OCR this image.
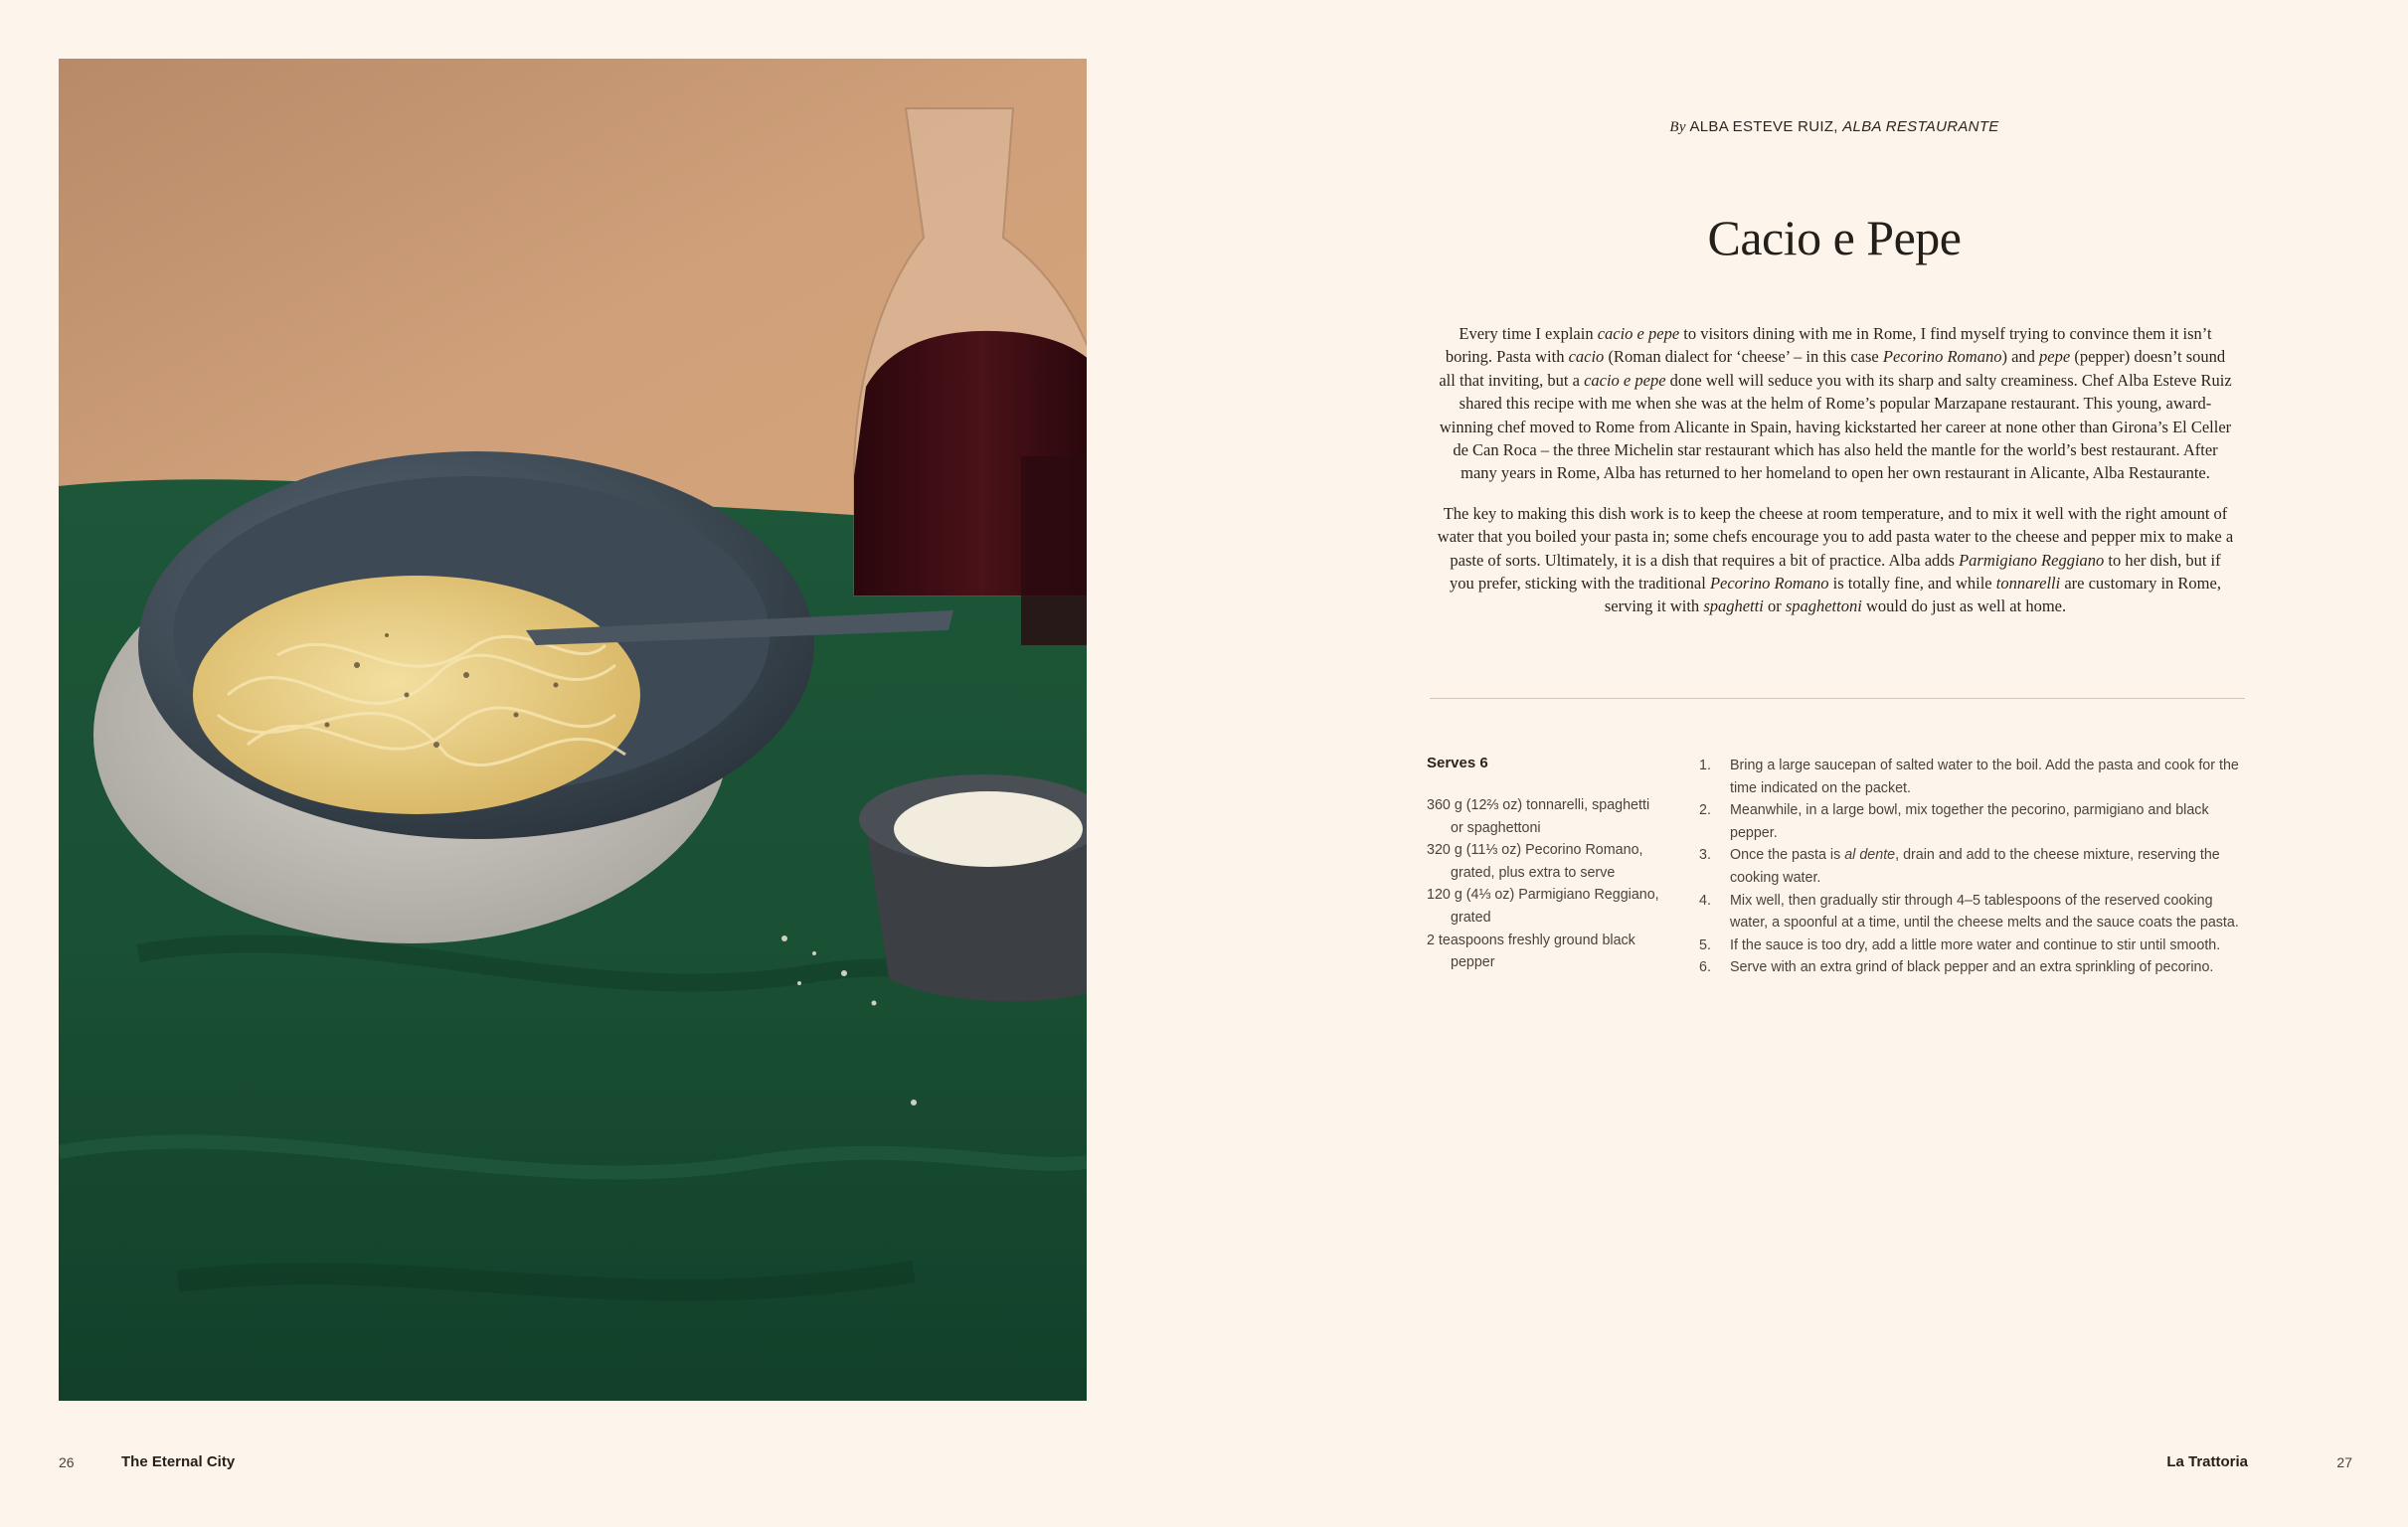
By ALBA ESTEVE RUIZ, ALBA RESTAURANTE
Cacio e Pepe

Every time I explain cacio e pepe to visitors dining with me in Rome, I find myself trying to convince them it isn’t boring. Pasta with cacio (Roman dialect for ‘cheese’ – in this case Pecorino Romano) and pepe (pepper) doesn’t sound all that inviting, but a cacio e pepe done well will seduce you with its sharp and salty creaminess. Chef Alba Esteve Ruiz shared this recipe with me when she was at the helm of Rome’s popular Marzapane restaurant. This young, award-winning chef moved to Rome from Alicante in Spain, having kickstarted her career at none other than Girona’s El Celler de Can Roca – the three Michelin star restaurant which has also held the mantle for the world’s best restaurant. After many years in Rome, Alba has returned to her homeland to open her own restaurant in Alicante, Alba Restaurante.

The key to making this dish work is to keep the cheese at room temperature, and to mix it well with the right amount of water that you boiled your pasta in; some chefs encourage you to add pasta water to the cheese and pepper mix to make a paste of sorts. Ultimately, it is a dish that requires a bit of practice. Alba adds Parmigiano Reggiano to her dish, but if you prefer, sticking with the traditional Pecorino Romano is totally fine, and while tonnarelli are customary in Rome, serving it with spaghetti or spaghettoni would do just as well at home.

Serves 6
360 g (12⅔ oz) tonnarelli, spaghetti or spaghettoni
320 g (11⅓ oz) Pecorino Romano, grated, plus extra to serve
120 g (4⅓ oz) Parmigiano Reggiano, grated
2 teaspoons freshly ground black pepper
1. Bring a large saucepan of salted water to the boil. Add the pasta and cook for the time indicated on the packet.
2. Meanwhile, in a large bowl, mix together the pecorino, parmigiano and black pepper.
3. Once the pasta is al dente, drain and add to the cheese mixture, reserving the cooking water.
4. Mix well, then gradually stir through 4–5 tablespoons of the reserved cooking water, a spoonful at a time, until the cheese melts and the sauce coats the pasta.
5. If the sauce is too dry, add a little more water and continue to stir until smooth.
6. Serve with an extra grind of black pepper and an extra sprinkling of pecorino.
26	The Eternal City	La Trattoria	27
